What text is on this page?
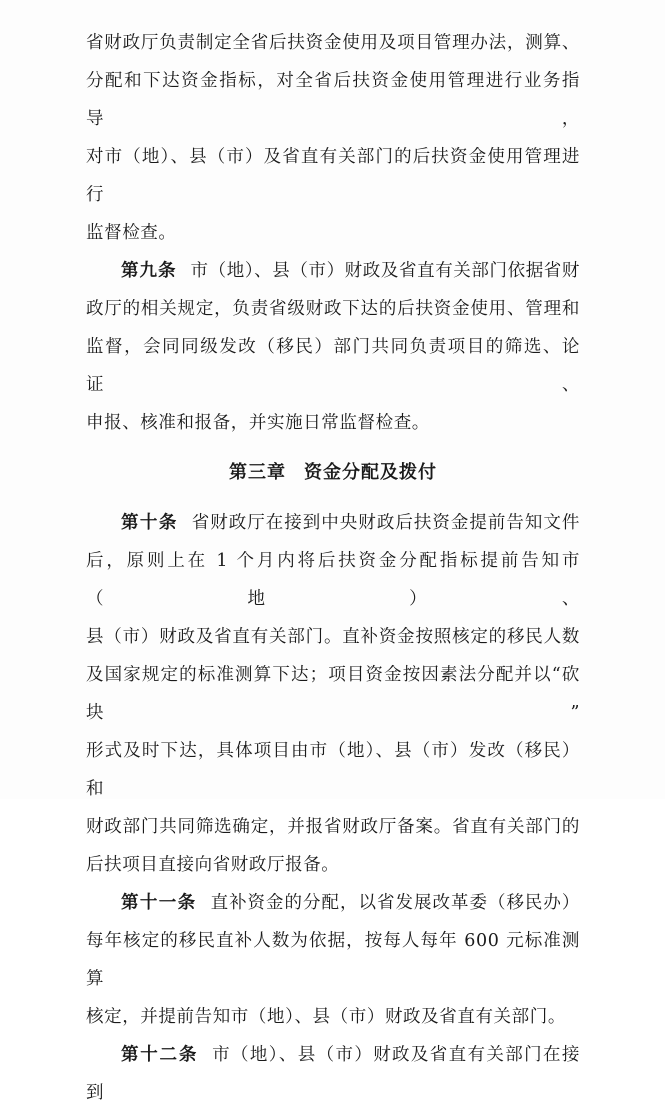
省财政厅负责制定全省后扶资金使用及项目管理办法，测算、

分配和下达资金指标，对全省后扶资金使用管理进行业务指导，

对市（地）、县（市）及省直有关部门的后扶资金使用管理进行

监督检查。

第九条 市（地）、县（市）财政及省直有关部门依据省财

政厅的相关规定，负责省级财政下达的后扶资金使用、管理和

监督，会同同级发改（移民）部门共同负责项目的筛选、论证、

申报、核准和报备，并实施日常监督检查。

第三章 资金分配及拨付

第十条 省财政厅在接到中央财政后扶资金提前告知文件

后，原则上在 1 个月内将后扶资金分配指标提前告知市（地）、

县（市）财政及省直有关部门。直补资金按照核定的移民人数

及国家规定的标准测算下达；项目资金按因素法分配并以“砍块”

形式及时下达，具体项目由市（地）、县（市）发改（移民）和

财政部门共同筛选确定，并报省财政厅备案。省直有关部门的

后扶项目直接向省财政厅报备。

第十一条 直补资金的分配，以省发展改革委（移民办）

每年核定的移民直补人数为依据，按每人每年 600 元标准测算

核定，并提前告知市（地）、县（市）财政及省直有关部门。

第十二条 市（地）、县（市）财政及省直有关部门在接到
